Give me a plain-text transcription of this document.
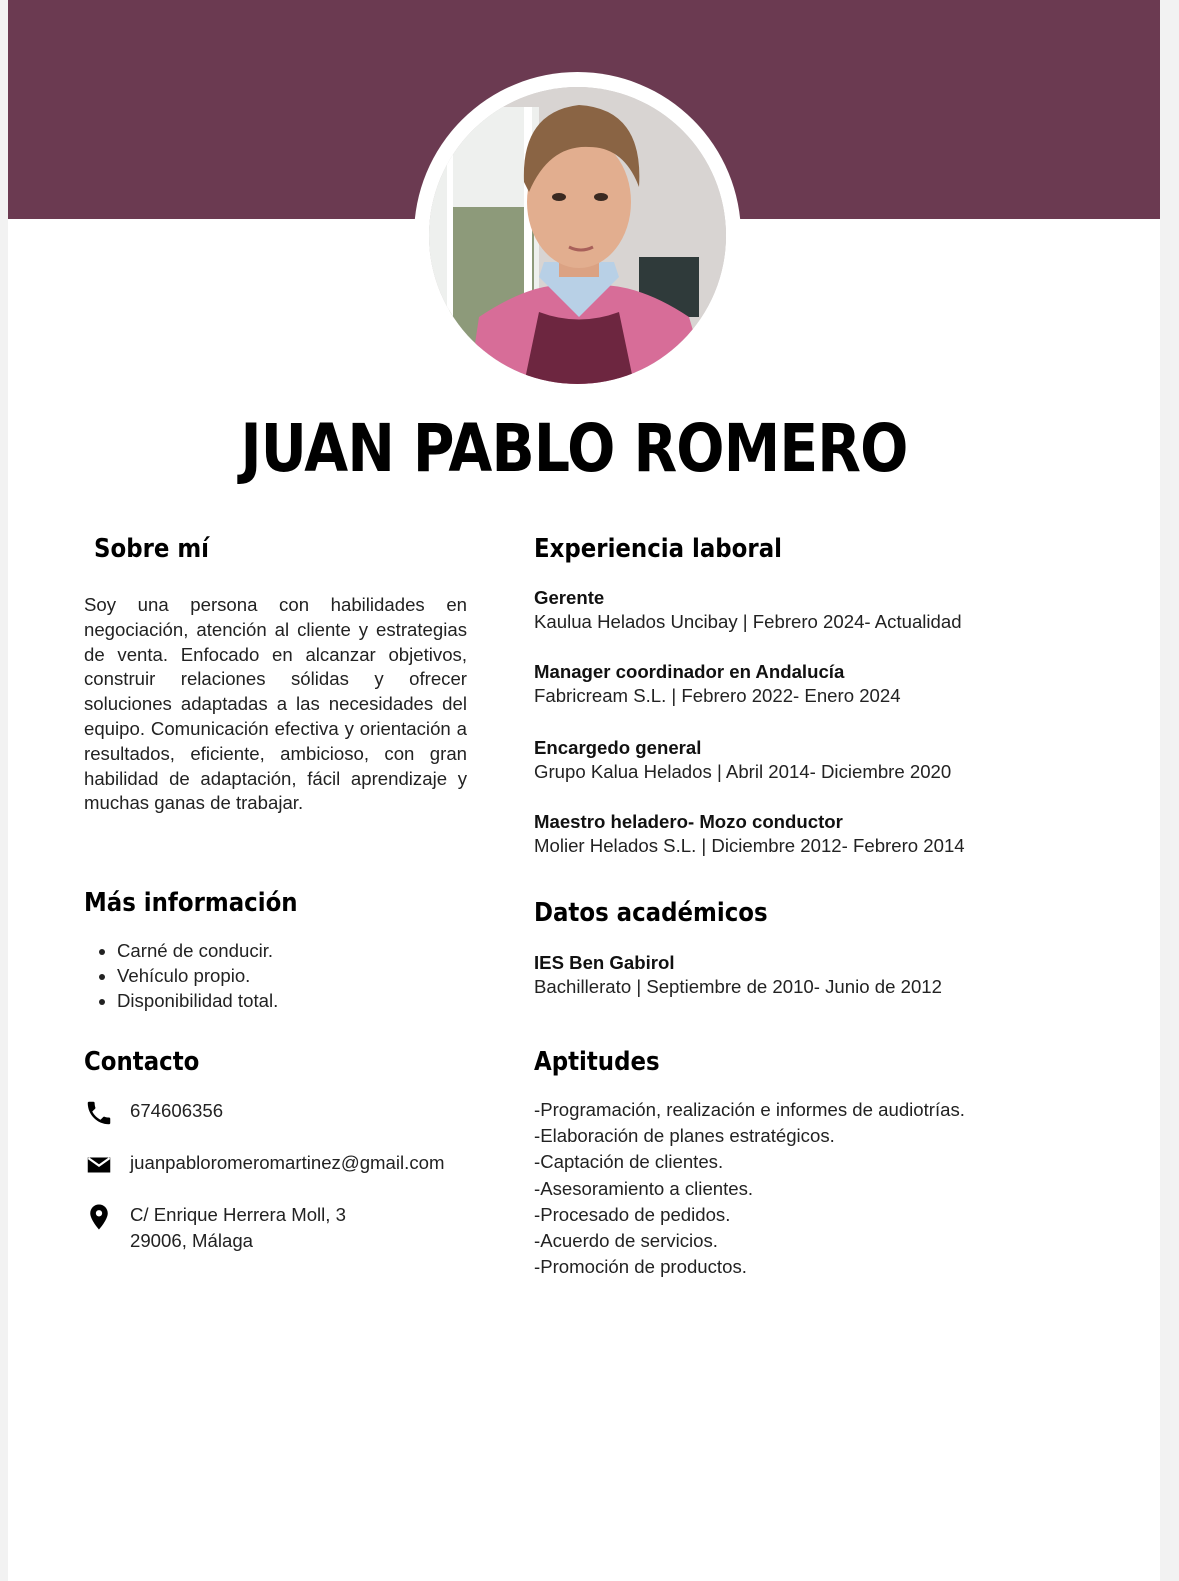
JUAN PABLO ROMERO
Sobre mí
Soy una persona con habilidades en negociación, atención al cliente y estrategias de venta. Enfocado en alcanzar objetivos, construir relaciones sólidas y ofrecer soluciones adaptadas a las necesidades del equipo. Comunicación efectiva y orientación a resultados, eficiente, ambicioso, con gran habilidad de adaptación, fácil aprendizaje y muchas ganas de trabajar.
Más información
• Carné de conducir.
• Vehículo propio.
• Disponibilidad total.
Contacto
674606356
juanpabloromeromartinez@gmail.com
C/ Enrique Herrera Moll, 3
29006, Málaga
Experiencia laboral
Gerente
Kaulua Helados Uncibay | Febrero 2024- Actualidad
Manager coordinador en Andalucía
Fabricream S.L. | Febrero 2022- Enero 2024
Encargedo general
Grupo Kalua Helados | Abril 2014- Diciembre 2020
Maestro heladero- Mozo conductor
Molier Helados S.L. | Diciembre 2012- Febrero 2014
Datos académicos
IES Ben Gabirol
Bachillerato | Septiembre de 2010- Junio de 2012
Aptitudes
-Programación, realización e informes de audiotrías.
-Elaboración de planes estratégicos.
-Captación de clientes.
-Asesoramiento a clientes.
-Procesado de pedidos.
-Acuerdo de servicios.
-Promoción de productos.
